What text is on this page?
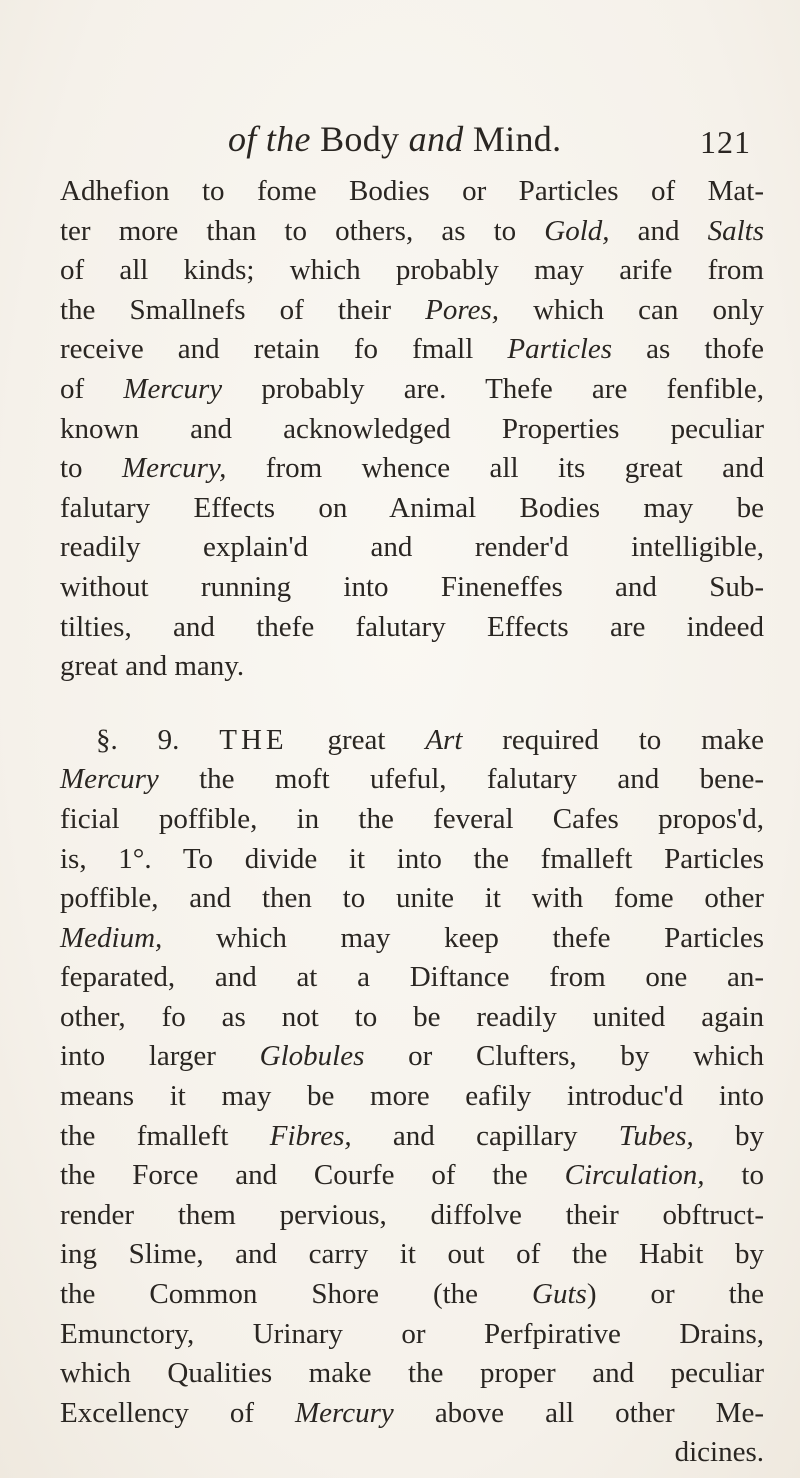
of the Body and Mind.	121
Adhefion to fome Bodies or Particles of Mat-
ter more than to others, as to Gold, and Salts
of all kinds; which probably may arife from
the Smallnefs of their Pores, which can only
receive and retain fo fmall Particles as thofe
of Mercury probably are. Thefe are fenfible,
known and acknowledged Properties peculiar
to Mercury, from whence all its great and
falutary Effects on Animal Bodies may be
readily explain'd and render'd intelligible,
without running into Fineneffes and Sub-
tilties, and thefe falutary Effects are indeed
great and many.
§. 9. THE great Art required to make
Mercury the moft ufeful, falutary and bene-
ficial poffible, in the feveral Cafes propos'd,
is, 1°. To divide it into the fmalleft Particles
poffible, and then to unite it with fome other
Medium, which may keep thefe Particles
feparated, and at a Diftance from one an-
other, fo as not to be readily united again
into larger Globules or Clufters, by which
means it may be more eafily introduc'd into
the fmalleft Fibres, and capillary Tubes, by
the Force and Courfe of the Circulation, to
render them pervious, diffolve their obftruct-
ing Slime, and carry it out of the Habit by
the Common Shore (the Guts) or the
Emunctory, Urinary or Perfpirative Drains,
which Qualities make the proper and peculiar
Excellency of Mercury above all other Me-
dicines.
